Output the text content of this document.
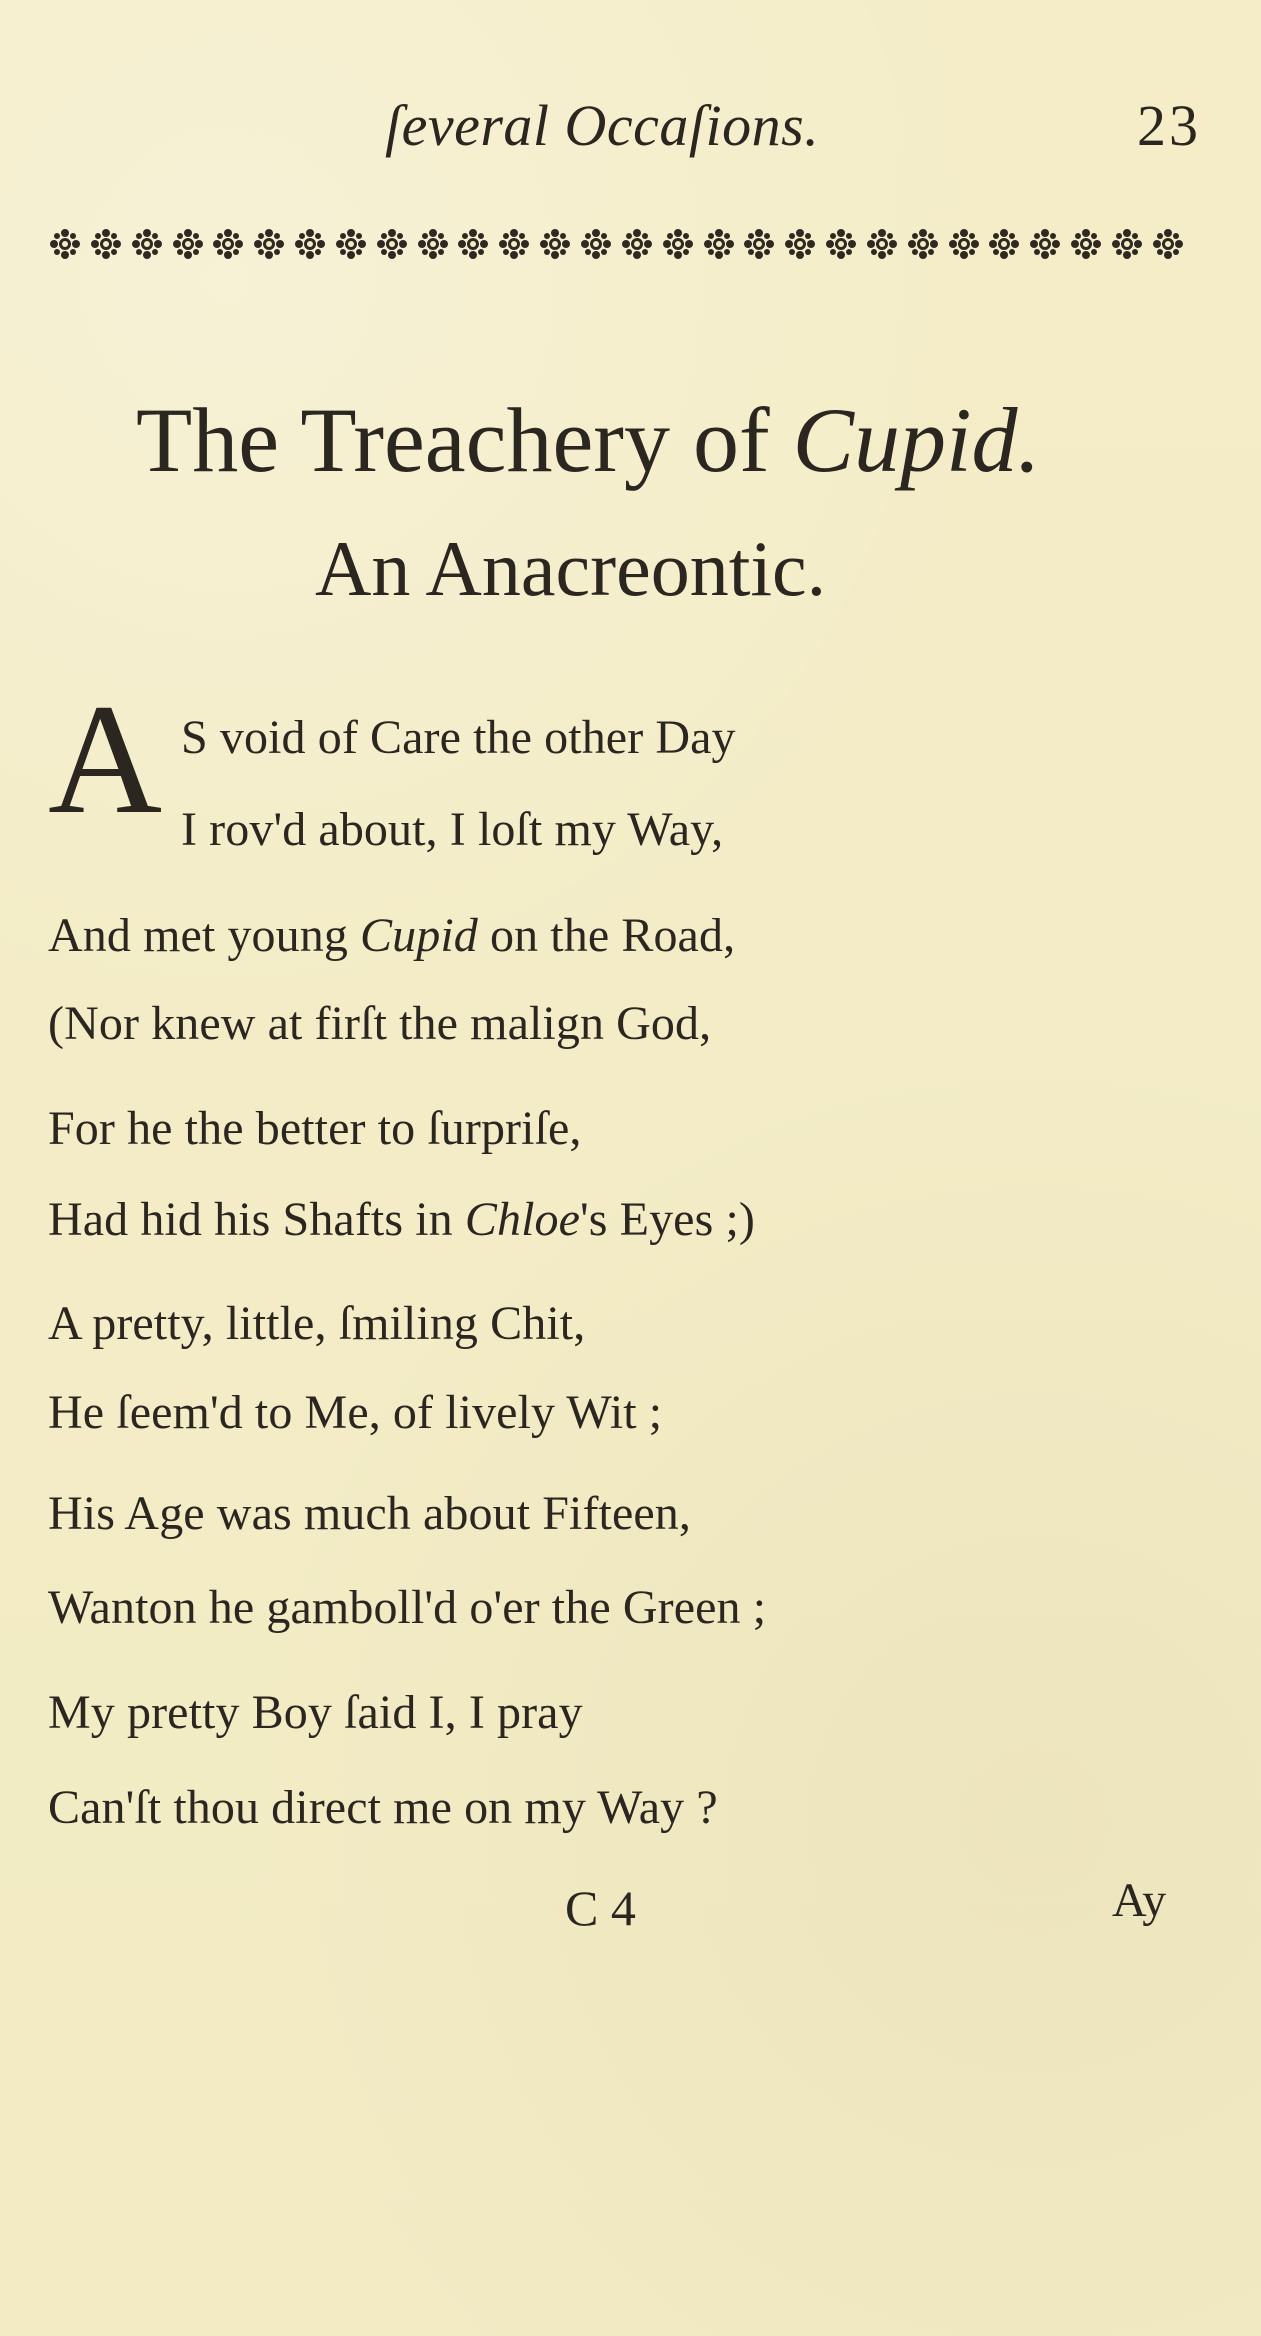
ſeveral Occaſions.	23
The Treachery of Cupid.
An Anacreontic.
A S void of Care the other Day
I rov'd about, I loſt my Way,
And met young Cupid on the Road,
(Nor knew at firſt the malign God,
For he the better to ſurpriſe,
Had hid his Shafts in Chloe's Eyes ;)
A pretty, little, ſmiling Chit,
He ſeem'd to Me, of lively Wit ;
His Age was much about Fifteen,
Wanton he gamboll'd o'er the Green ;
My pretty Boy ſaid I, I pray
Can'ſt thou direct me on my Way ?
C 4	Ay
